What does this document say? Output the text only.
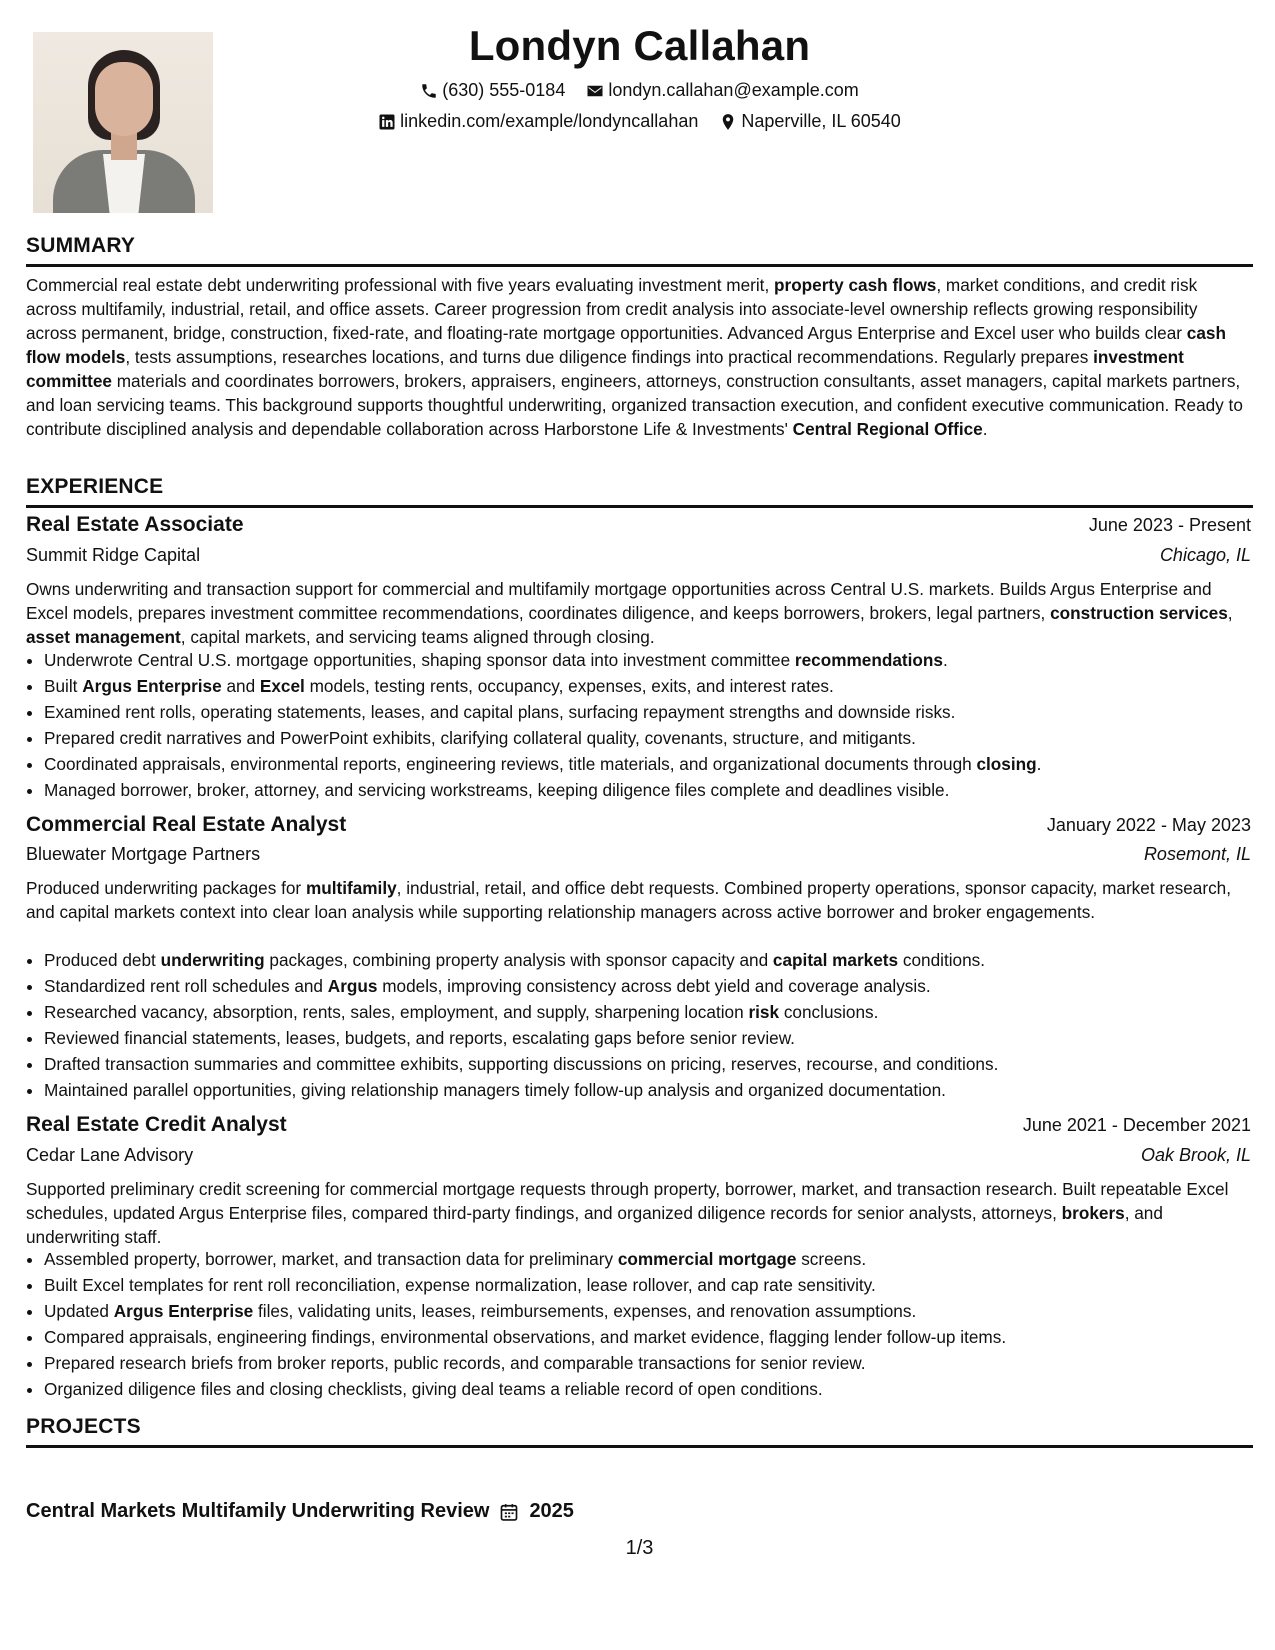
Londyn Callahan
(630) 555-0184
londyn.callahan@example.com
linkedin.com/example/londyncallahan
Naperville, IL 60540
SUMMARY

Commercial real estate debt underwriting professional with five years evaluating investment merit, property cash flows, market conditions, and credit risk across multifamily, industrial, retail, and office assets. Career progression from credit analysis into associate-level ownership reflects growing responsibility across permanent, bridge, construction, fixed-rate, and floating-rate mortgage opportunities. Advanced Argus Enterprise and Excel user who builds clear cash flow models, tests assumptions, researches locations, and turns due diligence findings into practical recommendations. Regularly prepares investment committee materials and coordinates borrowers, brokers, appraisers, engineers, attorneys, construction consultants, asset managers, capital markets partners, and loan servicing teams. This background supports thoughtful underwriting, organized transaction execution, and confident executive communication. Ready to contribute disciplined analysis and dependable collaboration across Harborstone Life & Investments' Central Regional Office.

EXPERIENCE
Real Estate Associate	June 2023 - Present
Summit Ridge Capital	Chicago, IL

Owns underwriting and transaction support for commercial and multifamily mortgage opportunities across Central U.S. markets. Builds Argus Enterprise and Excel models, prepares investment committee recommendations, coordinates diligence, and keeps borrowers, brokers, legal partners, construction services, asset management, capital markets, and servicing teams aligned through closing.

• Underwrote Central U.S. mortgage opportunities, shaping sponsor data into investment committee recommendations.
• Built Argus Enterprise and Excel models, testing rents, occupancy, expenses, exits, and interest rates.
• Examined rent rolls, operating statements, leases, and capital plans, surfacing repayment strengths and downside risks.
• Prepared credit narratives and PowerPoint exhibits, clarifying collateral quality, covenants, structure, and mitigants.
• Coordinated appraisals, environmental reports, engineering reviews, title materials, and organizational documents through closing.
• Managed borrower, broker, attorney, and servicing workstreams, keeping diligence files complete and deadlines visible.
Commercial Real Estate Analyst	January 2022 - May 2023
Bluewater Mortgage Partners	Rosemont, IL

Produced underwriting packages for multifamily, industrial, retail, and office debt requests. Combined property operations, sponsor capacity, market research, and capital markets context into clear loan analysis while supporting relationship managers across active borrower and broker engagements.

• Produced debt underwriting packages, combining property analysis with sponsor capacity and capital markets conditions.
• Standardized rent roll schedules and Argus models, improving consistency across debt yield and coverage analysis.
• Researched vacancy, absorption, rents, sales, employment, and supply, sharpening location risk conclusions.
• Reviewed financial statements, leases, budgets, and reports, escalating gaps before senior review.
• Drafted transaction summaries and committee exhibits, supporting discussions on pricing, reserves, recourse, and conditions.
• Maintained parallel opportunities, giving relationship managers timely follow-up analysis and organized documentation.
Real Estate Credit Analyst	June 2021 - December 2021
Cedar Lane Advisory	Oak Brook, IL

Supported preliminary credit screening for commercial mortgage requests through property, borrower, market, and transaction research. Built repeatable Excel schedules, updated Argus Enterprise files, compared third-party findings, and organized diligence records for senior analysts, attorneys, brokers, and underwriting staff.

• Assembled property, borrower, market, and transaction data for preliminary commercial mortgage screens.
• Built Excel templates for rent roll reconciliation, expense normalization, lease rollover, and cap rate sensitivity.
• Updated Argus Enterprise files, validating units, leases, reimbursements, expenses, and renovation assumptions.
• Compared appraisals, engineering findings, environmental observations, and market evidence, flagging lender follow-up items.
• Prepared research briefs from broker reports, public records, and comparable transactions for senior review.
• Organized diligence files and closing checklists, giving deal teams a reliable record of open conditions.
PROJECTS
Central Markets Multifamily Underwriting Review 2025
1/3
